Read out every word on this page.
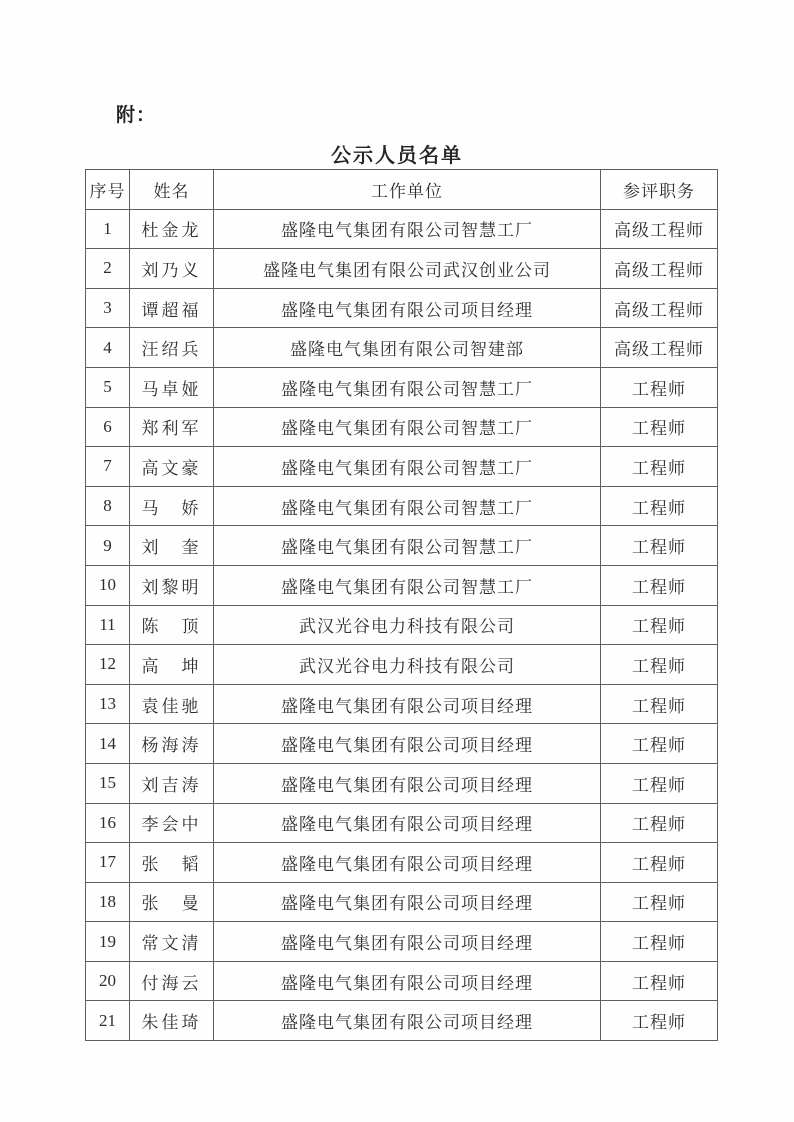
附：
公示人员名单
序号	姓名	工作单位	参评职务
1	杜金龙	盛隆电气集团有限公司智慧工厂	高级工程师
2	刘乃义	盛隆电气集团有限公司武汉创业公司	高级工程师
3	谭超福	盛隆电气集团有限公司项目经理	高级工程师
4	汪绍兵	盛隆电气集团有限公司智建部	高级工程师
5	马卓娅	盛隆电气集团有限公司智慧工厂	工程师
6	郑利军	盛隆电气集团有限公司智慧工厂	工程师
7	高文豪	盛隆电气集团有限公司智慧工厂	工程师
8	马　娇	盛隆电气集团有限公司智慧工厂	工程师
9	刘　奎	盛隆电气集团有限公司智慧工厂	工程师
10	刘黎明	盛隆电气集团有限公司智慧工厂	工程师
11	陈　顶	武汉光谷电力科技有限公司	工程师
12	高　坤	武汉光谷电力科技有限公司	工程师
13	袁佳驰	盛隆电气集团有限公司项目经理	工程师
14	杨海涛	盛隆电气集团有限公司项目经理	工程师
15	刘吉涛	盛隆电气集团有限公司项目经理	工程师
16	李会中	盛隆电气集团有限公司项目经理	工程师
17	张　韬	盛隆电气集团有限公司项目经理	工程师
18	张　曼	盛隆电气集团有限公司项目经理	工程师
19	常文清	盛隆电气集团有限公司项目经理	工程师
20	付海云	盛隆电气集团有限公司项目经理	工程师
21	朱佳琦	盛隆电气集团有限公司项目经理	工程师
